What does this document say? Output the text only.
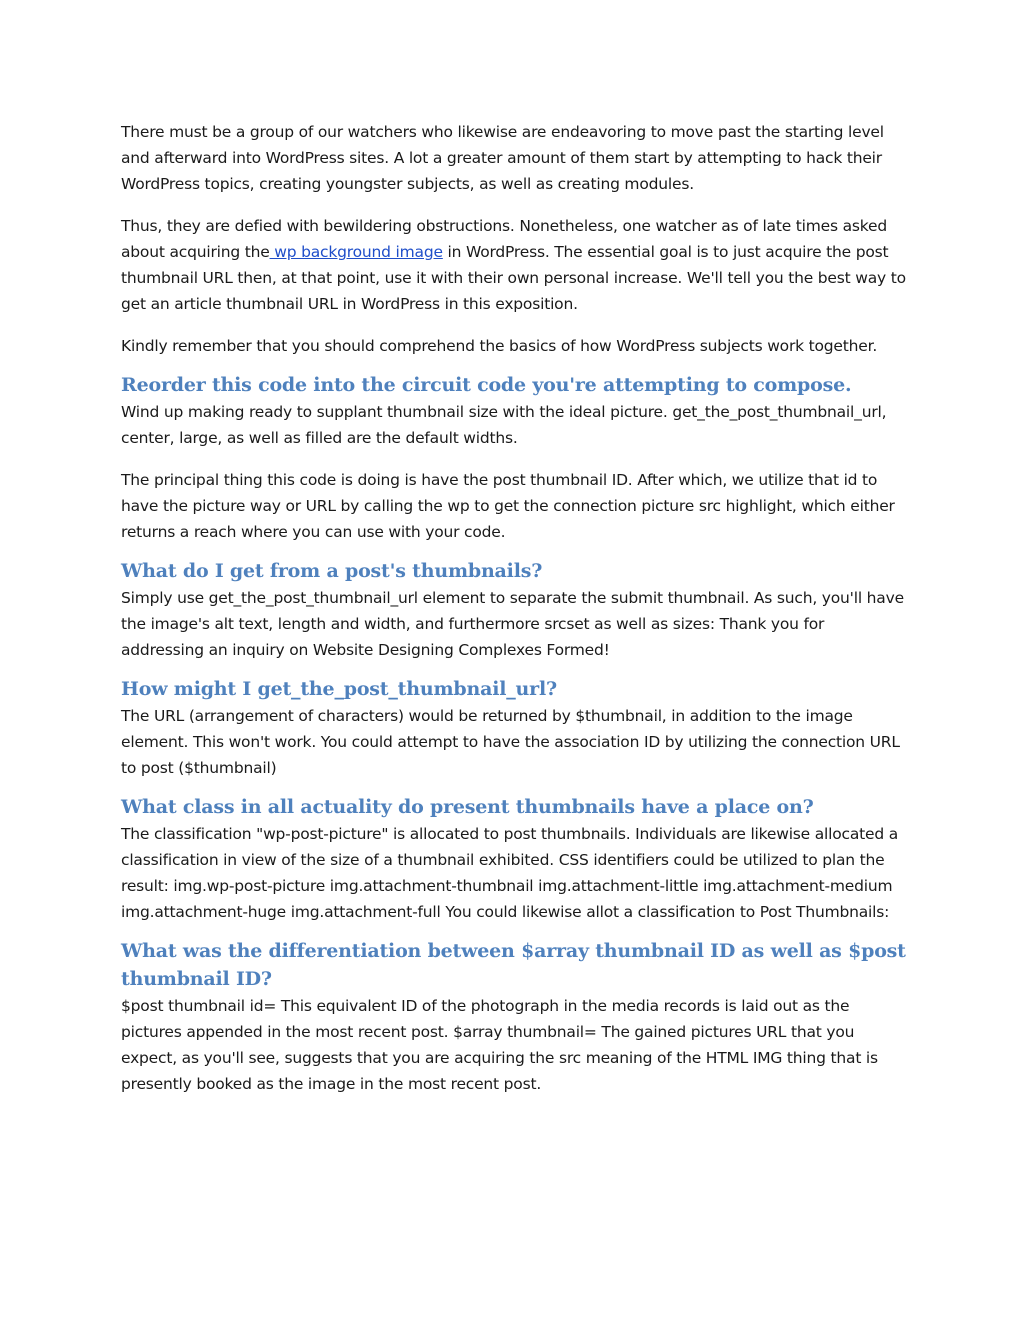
There must be a group of our watchers who likewise are endeavoring to move past the starting level and afterward into WordPress sites. A lot a greater amount of them start by attempting to hack their WordPress topics, creating youngster subjects, as well as creating modules.

Thus, they are defied with bewildering obstructions. Nonetheless, one watcher as of late times asked about acquiring the wp background image in WordPress. The essential goal is to just acquire the post thumbnail URL then, at that point, use it with their own personal increase. We'll tell you the best way to get an article thumbnail URL in WordPress in this exposition.

Kindly remember that you should comprehend the basics of how WordPress subjects work together.

Reorder this code into the circuit code you're attempting to compose.

Wind up making ready to supplant thumbnail size with the ideal picture. get_the_post_thumbnail_url, center, large, as well as filled are the default widths.

The principal thing this code is doing is have the post thumbnail ID. After which, we utilize that id to have the picture way or URL by calling the wp to get the connection picture src highlight, which either returns a reach where you can use with your code.

What do I get from a post's thumbnails?

Simply use get_the_post_thumbnail_url element to separate the submit thumbnail. As such, you'll have the image's alt text, length and width, and furthermore srcset as well as sizes: Thank you for addressing an inquiry on Website Designing Complexes Formed!

How might I get_the_post_thumbnail_url?

The URL (arrangement of characters) would be returned by $thumbnail, in addition to the image element. This won't work. You could attempt to have the association ID by utilizing the connection URL to post ($thumbnail)

What class in all actuality do present thumbnails have a place on?

The classification "wp-post-picture" is allocated to post thumbnails. Individuals are likewise allocated a classification in view of the size of a thumbnail exhibited. CSS identifiers could be utilized to plan the result: img.wp-post-picture img.attachment-thumbnail img.attachment-little img.attachment-medium img.attachment-huge img.attachment-full You could likewise allot a classification to Post Thumbnails:

What was the differentiation between $array thumbnail ID as well as $post thumbnail ID?

$post thumbnail id= This equivalent ID of the photograph in the media records is laid out as the pictures appended in the most recent post. $array thumbnail= The gained pictures URL that you expect, as you'll see, suggests that you are acquiring the src meaning of the HTML IMG thing that is presently booked as the image in the most recent post.
